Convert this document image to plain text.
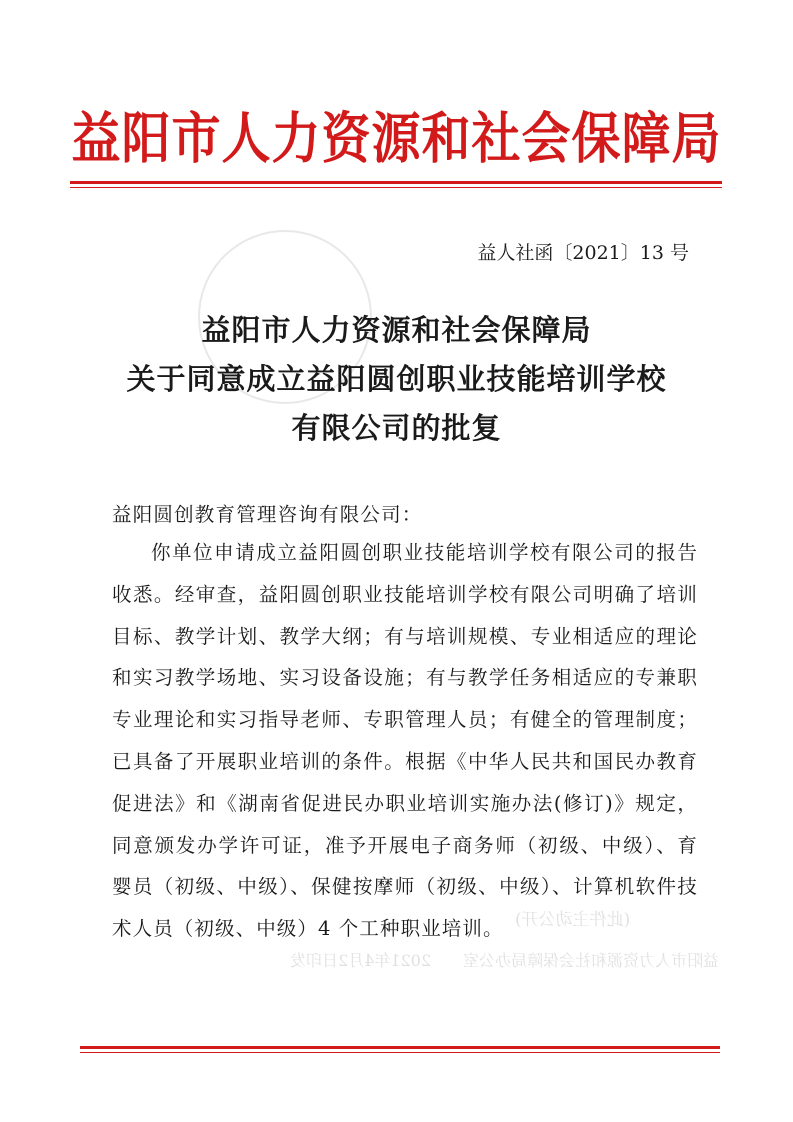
(此件主动公开)
益阳市人力资源和社会保障局办公室　　2021年4月2日印发
益阳市人力资源和社会保障局
益人社函〔2021〕13 号
益阳市人力资源和社会保障局
关于同意成立益阳圆创职业技能培训学校
有限公司的批复
益阳圆创教育管理咨询有限公司：

你单位申请成立益阳圆创职业技能培训学校有限公司的报告收悉。经审查，益阳圆创职业技能培训学校有限公司明确了培训目标、教学计划、教学大纲；有与培训规模、专业相适应的理论和实习教学场地、实习设备设施；有与教学任务相适应的专兼职专业理论和实习指导老师、专职管理人员；有健全的管理制度；已具备了开展职业培训的条件。根据《中华人民共和国民办教育促进法》和《湖南省促进民办职业培训实施办法(修订)》规定，同意颁发办学许可证，准予开展电子商务师（初级、中级）、育婴员（初级、中级）、保健按摩师（初级、中级）、计算机软件技术人员（初级、中级）4 个工种职业培训。
